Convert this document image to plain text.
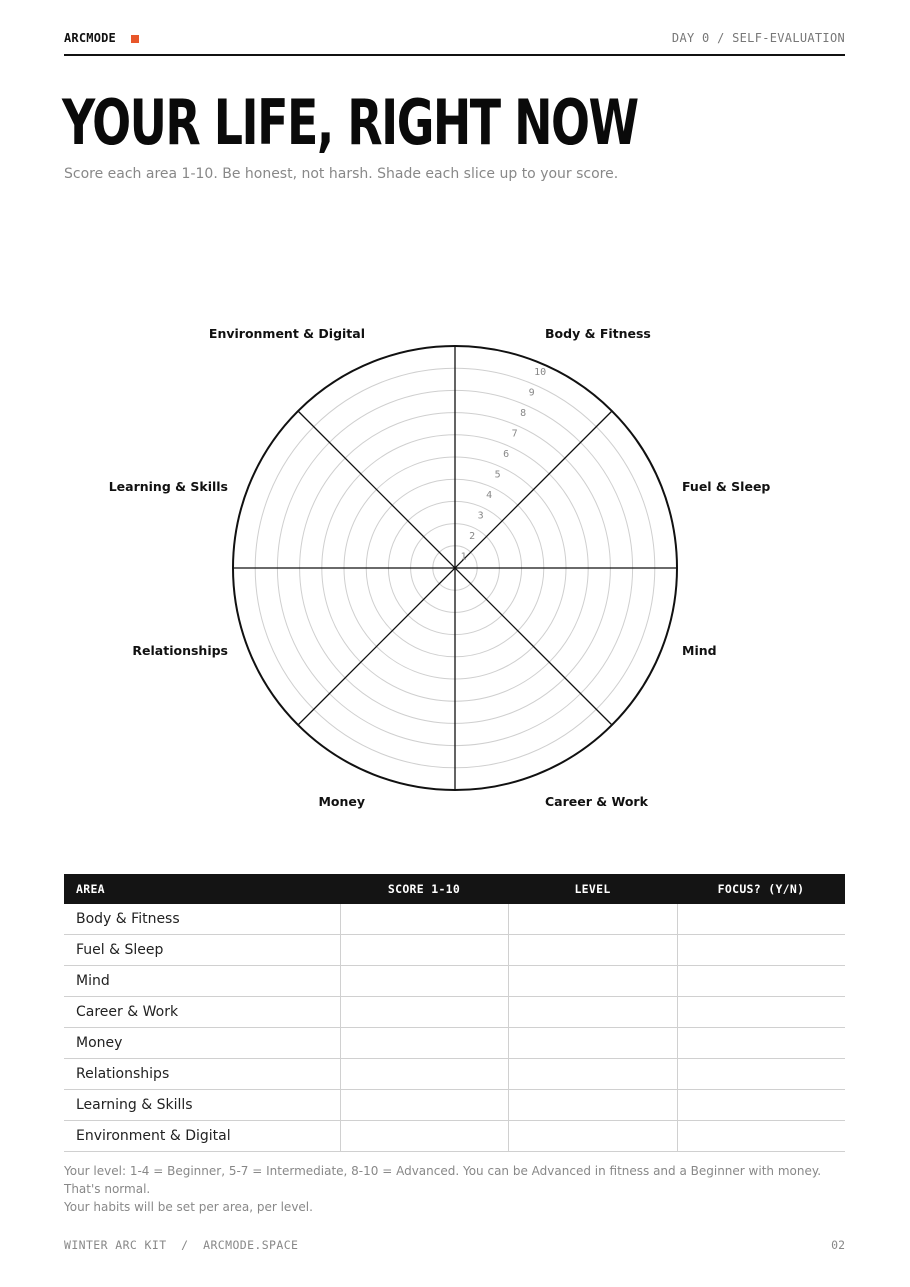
ARCMODE	DAY 0 / SELF-EVALUATION
YOUR LIFE, RIGHT NOW
Score each area 1-10. Be honest, not harsh. Shade each slice up to your score.
1
2
3
4
5
6
7
8
9
10
Body & Fitness
Fuel & Sleep
Mind
Career & Work
Money
Relationships
Learning & Skills
Environment & Digital
AREA	SCORE 1-10	LEVEL	FOCUS? (Y/N)
Body & Fitness			
Fuel & Sleep			
Mind			
Career & Work			
Money			
Relationships			
Learning & Skills			
Environment & Digital			
Your level: 1-4 = Beginner, 5-7 = Intermediate, 8-10 = Advanced. You can be Advanced in fitness and a Beginner with money. That's normal.
Your habits will be set per area, per level.
WINTER ARC KIT  /  ARCMODE.SPACE	02
